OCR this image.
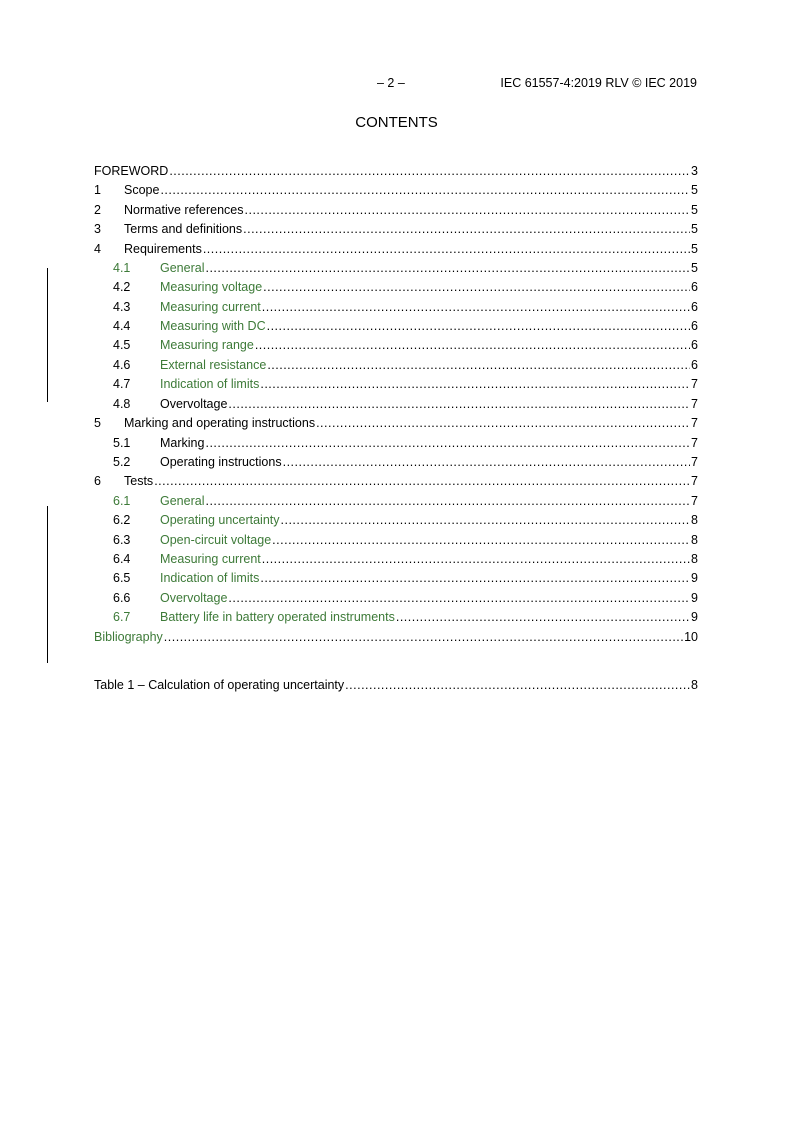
– 2 –	IEC 61557-4:2019 RLV © IEC 2019
CONTENTS
FOREWORD .....	3
1	Scope .....	5
2	Normative references .....	5
3	Terms and definitions .....	5
4	Requirements .....	5
4.1	General .....	5
4.2	Measuring voltage .....	6
4.3	Measuring current .....	6
4.4	Measuring with DC .....	6
4.5	Measuring range .....	6
4.6	External resistance .....	6
4.7	Indication of limits .....	7
4.8	Overvoltage .....	7
5	Marking and operating instructions .....	7
5.1	Marking .....	7
5.2	Operating instructions .....	7
6	Tests .....	7
6.1	General .....	7
6.2	Operating uncertainty .....	8
6.3	Open-circuit voltage .....	8
6.4	Measuring current .....	8
6.5	Indication of limits .....	9
6.6	Overvoltage .....	9
6.7	Battery life in battery operated instruments .....	9
Bibliography .....	10
Table 1 – Calculation of operating uncertainty .....	8
